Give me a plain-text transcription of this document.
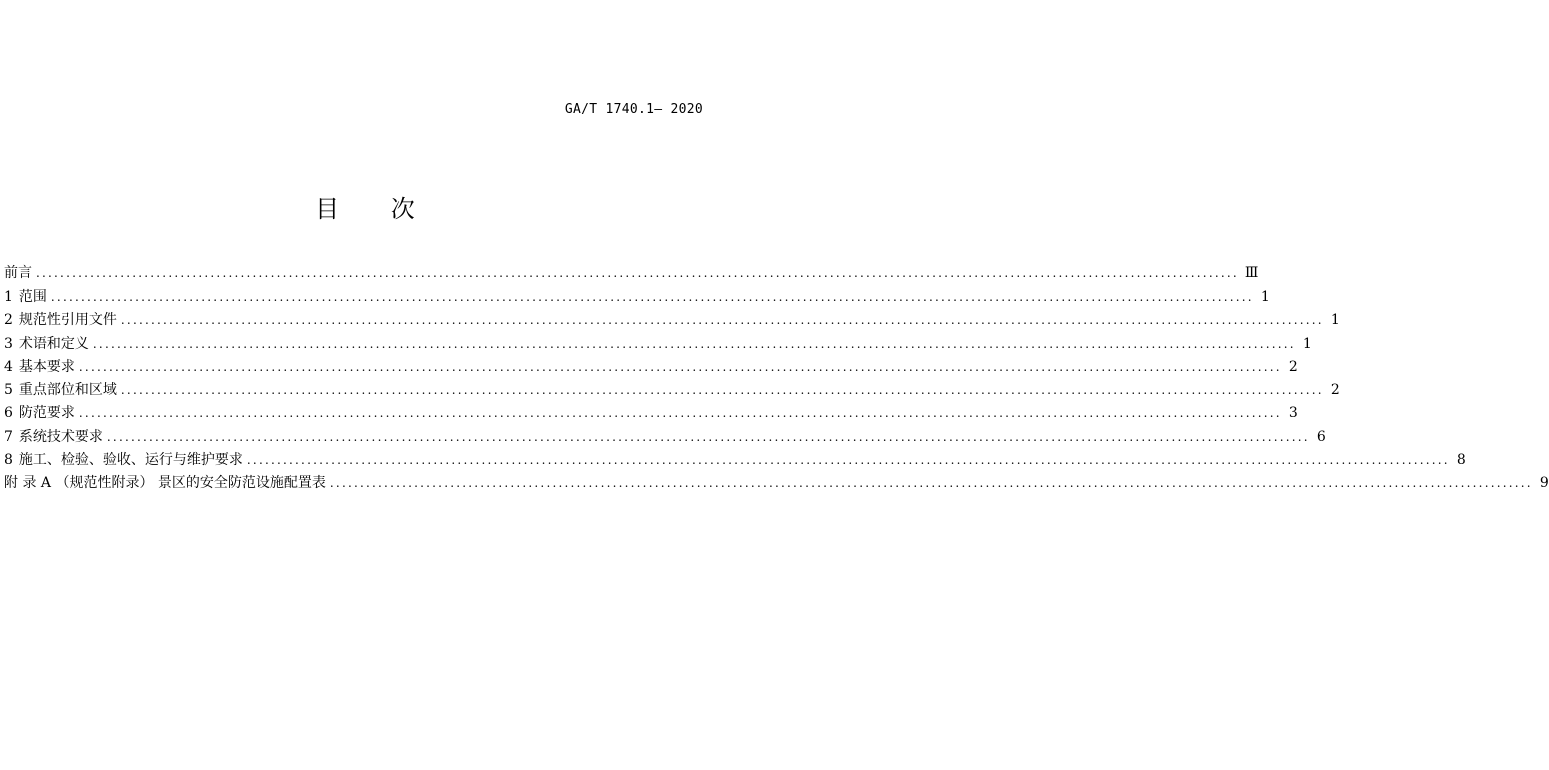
GA/T 1740.1— 2020
目 次
前言 ........................................................................................................................................................................................................ Ⅲ
1 范围 ........................................................................................................................................................................................................ 1
2 规范性引用文件 ........................................................................................................................................................................................................ 1
3 术语和定义 ........................................................................................................................................................................................................ 1
4 基本要求 ........................................................................................................................................................................................................ 2
5 重点部位和区域 ........................................................................................................................................................................................................ 2
6 防范要求 ........................................................................................................................................................................................................ 3
7 系统技术要求 ........................................................................................................................................................................................................ 6
8 施工、检验、验收、运行与维护要求 ........................................................................................................................................................................................................ 8
附 录 A （规范性附录） 景区的安全防范设施配置表 ........................................................................................................................................................................................................ 9
